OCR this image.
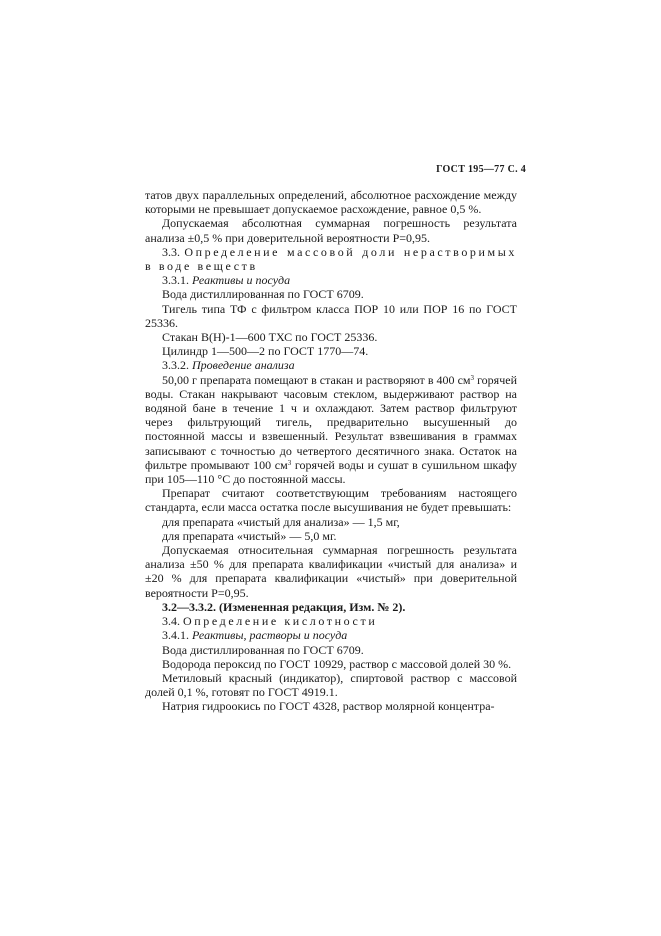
ГОСТ 195—77 С. 4

татов двух параллельных определений, абсолютное расхождение между которыми не превышает допускаемое расхождение, равное 0,5 %.

Допускаемая абсолютная суммарная погрешность результата анализа ±0,5 % при доверительной вероятности Р=0,95.

3.3. Определение массовой доли нерастворимых в воде веществ

3.3.1. Реактивы и посуда

Вода дистиллированная по ГОСТ 6709.

Тигель типа ТФ с фильтром класса ПОР 10 или ПОР 16 по ГОСТ 25336.

Стакан В(Н)-1—600 ТХС по ГОСТ 25336.

Цилиндр 1—500—2 по ГОСТ 1770—74.

3.3.2. Проведение анализа

50,00 г препарата помещают в стакан и растворяют в 400 $см^3$ горячей воды. Стакан накрывают часовым стеклом, выдерживают раствор на водяной бане в течение 1 ч и охлаждают. Затем раствор фильтруют через фильтрующий тигель, предварительно высушенный до постоянной массы и взвешенный. Результат взвешивания в граммах записывают с точностью до четвертого десятичного знака. Остаток на фильтре промывают 100 $см^3$ горячей воды и сушат в сушильном шкафу при 105—110 °С до постоянной массы.

Препарат считают соответствующим требованиям настоящего стандарта, если масса остатка после высушивания не будет превышать:

для препарата «чистый для анализа» — 1,5 мг,

для препарата «чистый» — 5,0 мг.

Допускаемая относительная суммарная погрешность результата анализа ±50 % для препарата квалификации «чистый для анализа» и ±20 % для препарата квалификации «чистый» при доверительной вероятности Р=0,95.

3.2—3.3.2. (Измененная редакция, Изм. № 2).

3.4. Определение кислотности

3.4.1. Реактивы, растворы и посуда

Вода дистиллированная по ГОСТ 6709.

Водорода пероксид по ГОСТ 10929, раствор с массовой долей 30 %.

Метиловый красный (индикатор), спиртовой раствор с массовой долей 0,1 %, готовят по ГОСТ 4919.1.

Натрия гидроокись по ГОСТ 4328, раствор молярной концентра-
